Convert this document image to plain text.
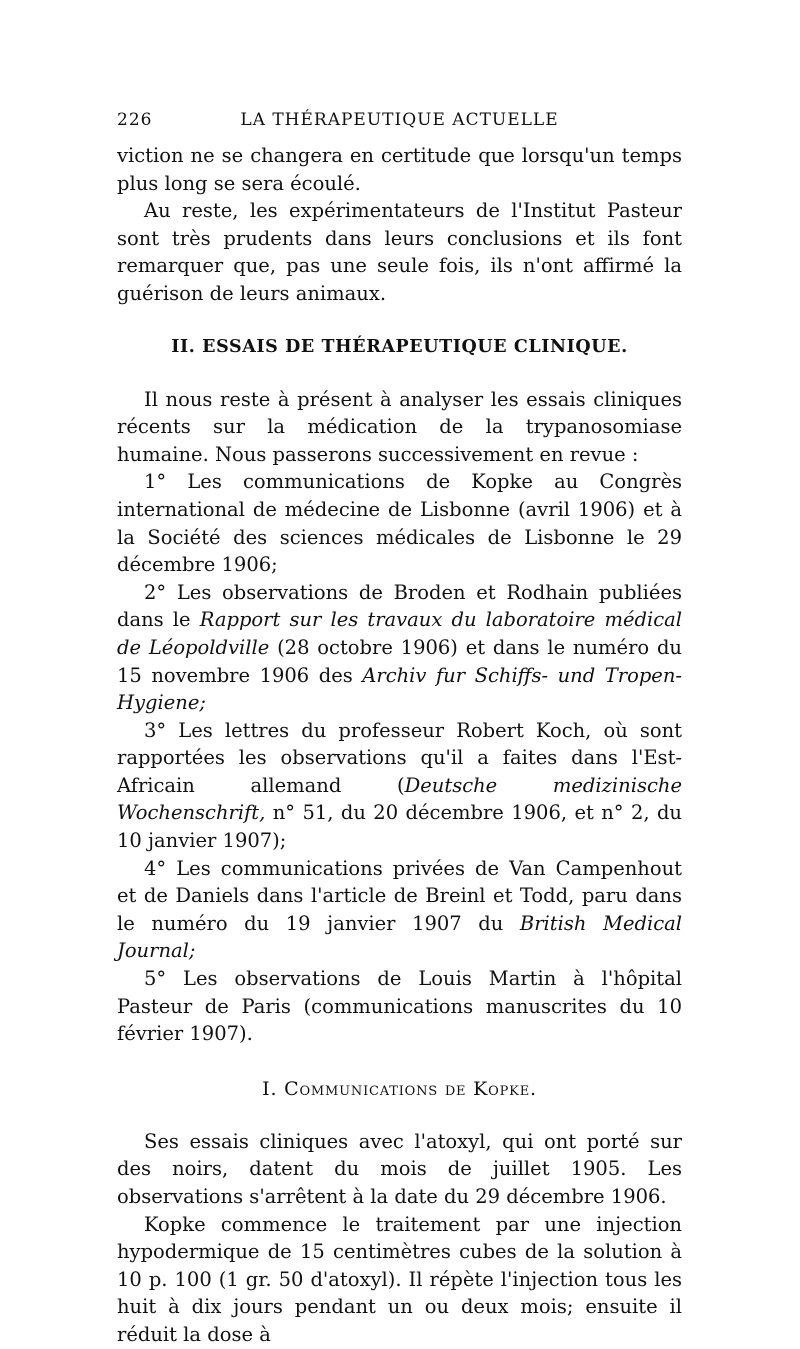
226	LA THÉRAPEUTIQUE ACTUELLE

viction ne se changera en certitude que lorsqu'un temps plus long se sera écoulé.

Au reste, les expérimentateurs de l'Institut Pasteur sont très prudents dans leurs conclusions et ils font remarquer que, pas une seule fois, ils n'ont affirmé la guérison de leurs animaux.

II. ESSAIS DE THÉRAPEUTIQUE CLINIQUE.

Il nous reste à présent à analyser les essais cliniques récents sur la médication de la trypanosomiase humaine. Nous passerons successivement en revue :

1° Les communications de Kopke au Congrès international de médecine de Lisbonne (avril 1906) et à la Société des sciences médicales de Lisbonne le 29 décembre 1906;

2° Les observations de Broden et Rodhain publiées dans le Rapport sur les travaux du laboratoire médical de Léopoldville (28 octobre 1906) et dans le numéro du 15 novembre 1906 des Archiv fur Schiffs- und Tropen-Hygiene;

3° Les lettres du professeur Robert Koch, où sont rapportées les observations qu'il a faites dans l'Est-Africain allemand (Deutsche medizinische Wochenschrift, n° 51, du 20 décembre 1906, et n° 2, du 10 janvier 1907);

4° Les communications privées de Van Campenhout et de Daniels dans l'article de Breinl et Todd, paru dans le numéro du 19 janvier 1907 du British Medical Journal;

5° Les observations de Louis Martin à l'hôpital Pasteur de Paris (communications manuscrites du 10 février 1907).

I. Communications de Kopke.

Ses essais cliniques avec l'atoxyl, qui ont porté sur des noirs, datent du mois de juillet 1905. Les observations s'arrêtent à la date du 29 décembre 1906.

Kopke commence le traitement par une injection hypodermique de 15 centimètres cubes de la solution à 10 p. 100 (1 gr. 50 d'atoxyl). Il répète l'injection tous les huit à dix jours pendant un ou deux mois; ensuite il réduit la dose à
